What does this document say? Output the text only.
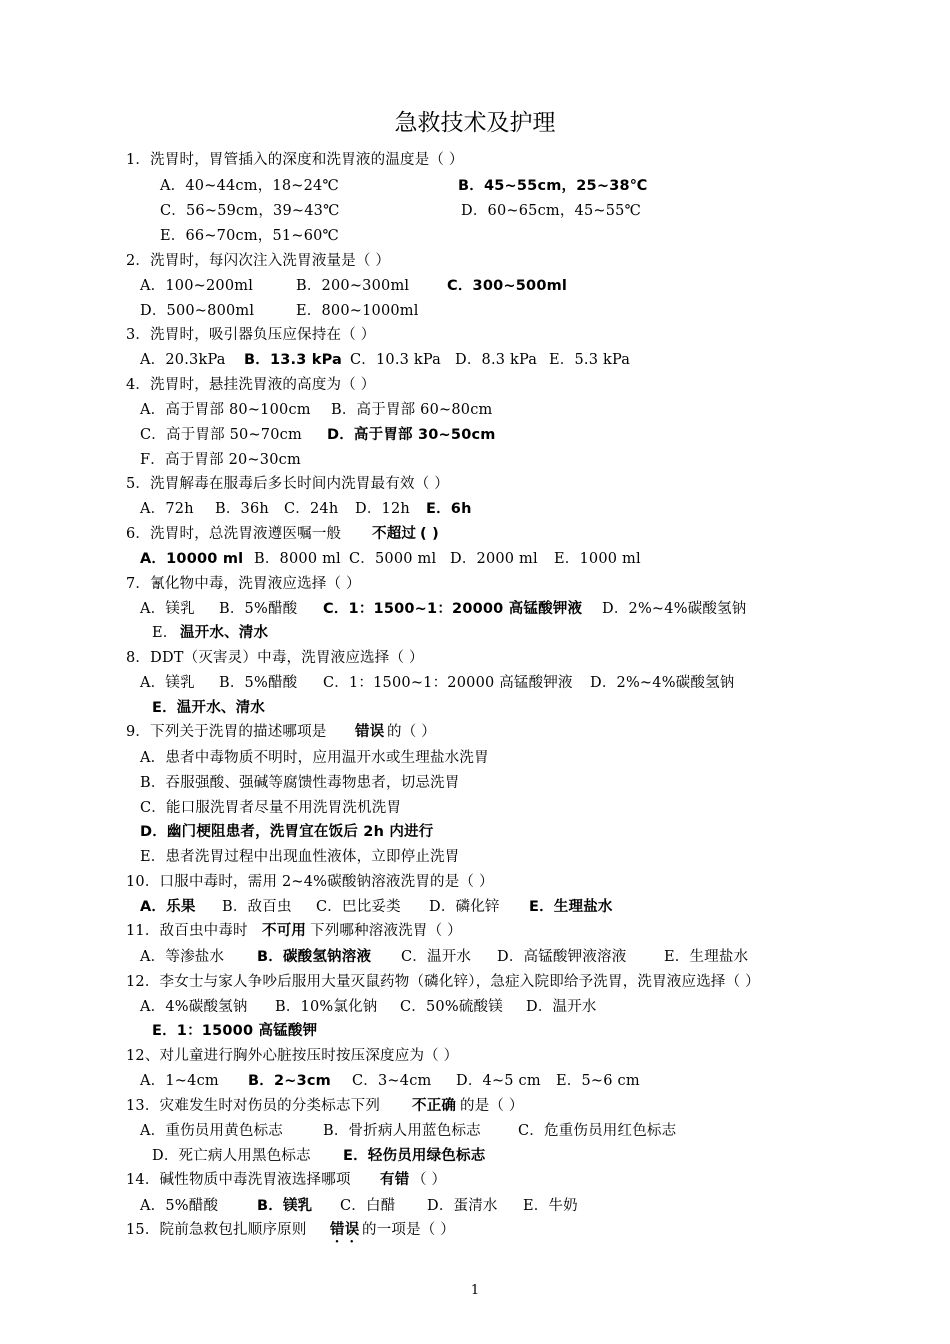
急救技术及护理
1．洗胃时，胃管插入的深度和洗胃液的温度是（ ）
A．40~44cm，18~24℃	B．45~55cm，25~38℃
C．56~59cm，39~43℃	D．60~65cm，45~55℃
E．66~70cm，51~60℃
2．洗胃时，每闪次注入洗胃液量是（ ）
A．100~200ml	B．200~300ml	C．300~500ml
D．500~800ml	E．800~1000ml
3．洗胃时，吸引器负压应保持在（ ）
A．20.3kPa B．13.3 kPa C．10.3 kPa D．8.3 kPa E．5.3 kPa
4．洗胃时，悬挂洗胃液的高度为（ ）
A．高于胃部 80~100cm B．高于胃部 60~80cm
C．高于胃部 50~70cm D．高于胃部 30~50cm
F．高于胃部 20~30cm
5．洗胃解毒在服毒后多长时间内洗胃最有效（ ）
A．72h B．36h C．24h D．12h E．6h
6．洗胃时，总洗胃液遵医嘱一般 不超过 ( )
A．10000 ml B．8000 ml C．5000 ml D．2000 ml E．1000 ml
7．氰化物中毒，洗胃液应选择（ ）
A．镁乳 B．5%醋酸 C．1：1500~1：20000 高锰酸钾液 D．2%~4%碳酸氢钠
E． 温开水、清水
8．DDT（灭害灵）中毒，洗胃液应选择（ ）
A．镁乳 B．5%醋酸 C．1：1500~1：20000 高锰酸钾液 D．2%~4%碳酸氢钠
E．温开水、清水
9．下列关于洗胃的描述哪项是 错误 的（ ）
A．患者中毒物质不明时，应用温开水或生理盐水洗胃
B．吞服强酸、强碱等腐馈性毒物患者，切忌洗胃
C．能口服洗胃者尽量不用洗胃洗机洗胃
D．幽门梗阻患者，洗胃宜在饭后 2h 内进行
E．患者洗胃过程中出现血性液体，立即停止洗胃
10．口服中毒时，需用 2~4%碳酸钠溶液洗胃的是（ ）
A．乐果 B．敌百虫 C．巴比妥类 D．磷化锌 E．生理盐水
11．敌百虫中毒时 不可用 下列哪种溶液洗胃（ ）
A．等渗盐水 B．碳酸氢钠溶液 C．温开水 D．高锰酸钾液溶液	E．生理盐水
12．李女士与家人争吵后服用大量灭鼠药物（磷化锌），急症入院即给予洗胃，洗胃液应选择（ ）
A．4%碳酸氢钠 B．10%氯化钠 C．50%硫酸镁 D．温开水
E．1：15000 高锰酸钾
12、对儿童进行胸外心脏按压时按压深度应为（ ）
A．1~4cm B．2~3cm C．3~4cm D．4~5 cm E．5~6 cm
13．灾难发生时对伤员的分类标志下列 不正确 的是（ ）
A．重伤员用黄色标志	B．骨折病人用蓝色标志	C．危重伤员用红色标志
D．死亡病人用黑色标志 E．轻伤员用绿色标志
14．碱性物质中毒洗胃液选择哪项 有错 （ ）
A．5%醋酸	B．镁乳 C．白醋 D．蛋清水 E．牛奶
15．院前急救包扎顺序原则 错误 的一项是（ ）
1
